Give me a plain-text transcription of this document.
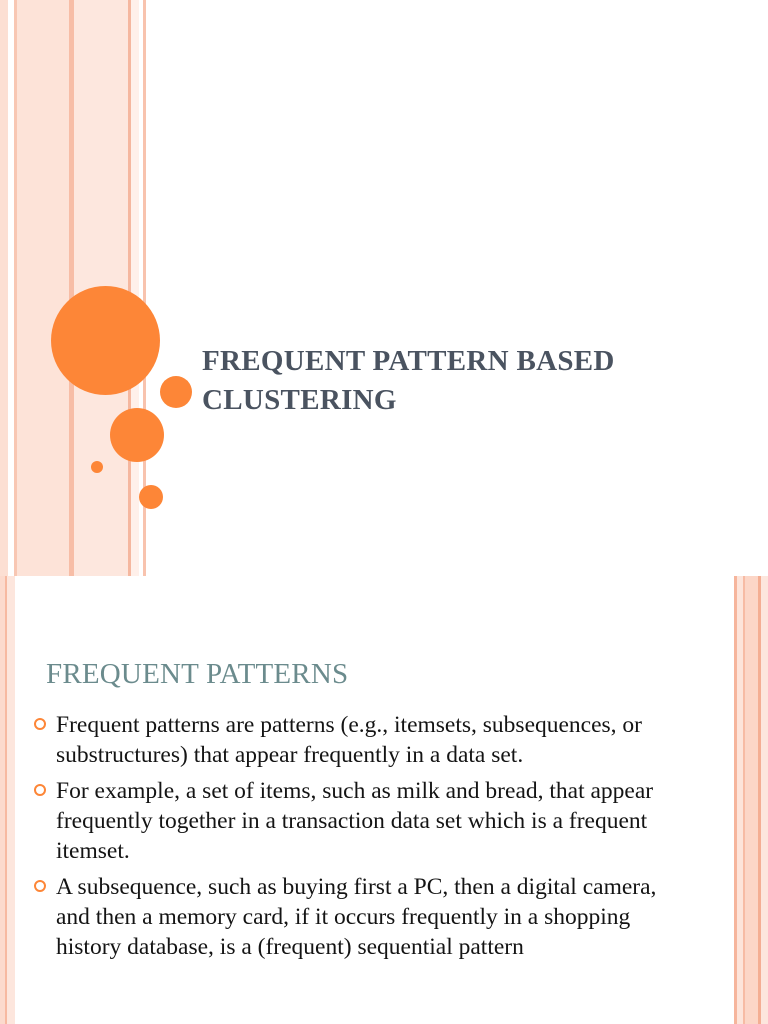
FREQUENT PATTERN BASED
CLUSTERING
FREQUENT PATTERNS
Frequent patterns are patterns (e.g., itemsets, subsequences, or
substructures) that appear frequently in a data set.
For example, a set of items, such as milk and bread, that appear
frequently together in a transaction data set which is a frequent
itemset.
A subsequence, such as buying first a PC, then a digital camera,
and then a memory card, if it occurs frequently in a shopping
history database, is a (frequent) sequential pattern
